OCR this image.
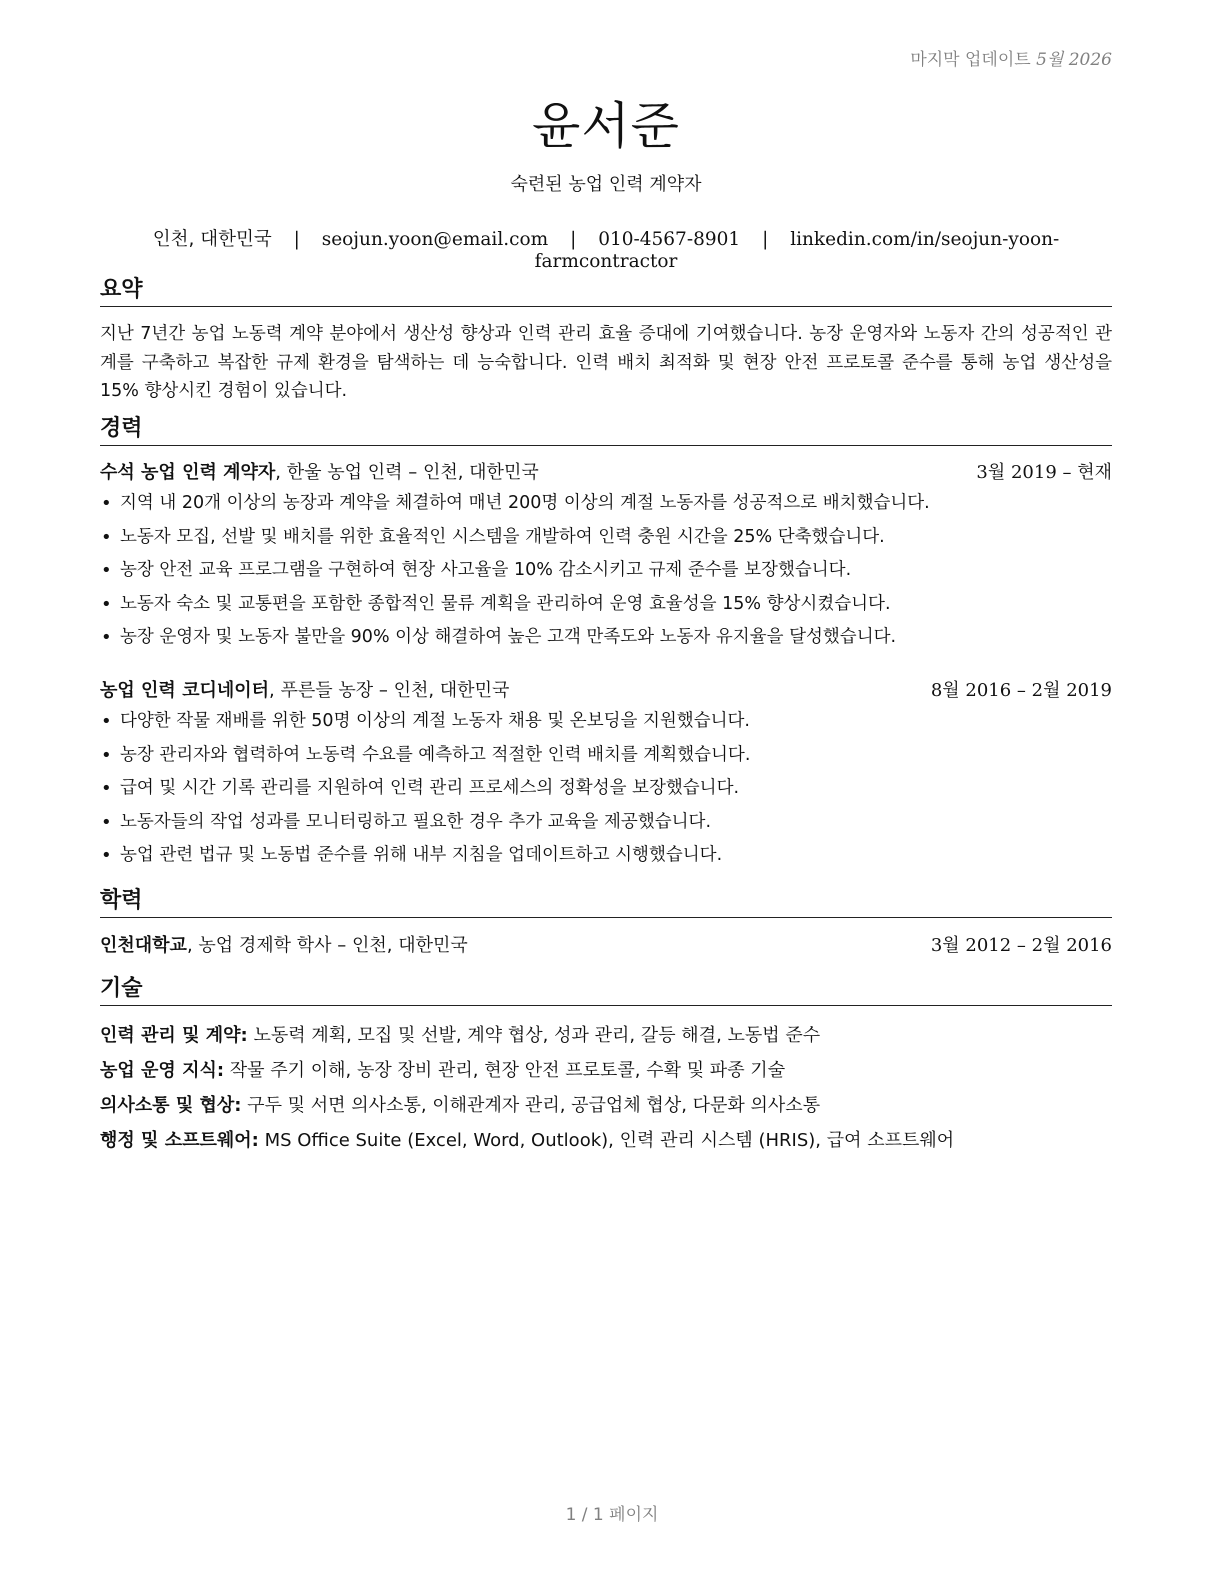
마지막 업데이트 5월 2026
윤서준
숙련된 농업 인력 계약자
인천, 대한민국 | seojun.yoon@email.com | 010-4567-8901 | linkedin.com/in/seojun-yoon-farmcontractor
요약
지난 7년간 농업 노동력 계약 분야에서 생산성 향상과 인력 관리 효율 증대에 기여했습니다. 농장 운영자와 노동자 간의 성공적인 관계를 구축하고 복잡한 규제 환경을 탐색하는 데 능숙합니다. 인력 배치 최적화 및 현장 안전 프로토콜 준수를 통해 농업 생산성을 15% 향상시킨 경험이 있습니다.
경력
수석 농업 인력 계약자, 한울 농업 인력 – 인천, 대한민국	3월 2019 – 현재
• 지역 내 20개 이상의 농장과 계약을 체결하여 매년 200명 이상의 계절 노동자를 성공적으로 배치했습니다.
• 노동자 모집, 선발 및 배치를 위한 효율적인 시스템을 개발하여 인력 충원 시간을 25% 단축했습니다.
• 농장 안전 교육 프로그램을 구현하여 현장 사고율을 10% 감소시키고 규제 준수를 보장했습니다.
• 노동자 숙소 및 교통편을 포함한 종합적인 물류 계획을 관리하여 운영 효율성을 15% 향상시켰습니다.
• 농장 운영자 및 노동자 불만을 90% 이상 해결하여 높은 고객 만족도와 노동자 유지율을 달성했습니다.
농업 인력 코디네이터, 푸른들 농장 – 인천, 대한민국	8월 2016 – 2월 2019
• 다양한 작물 재배를 위한 50명 이상의 계절 노동자 채용 및 온보딩을 지원했습니다.
• 농장 관리자와 협력하여 노동력 수요를 예측하고 적절한 인력 배치를 계획했습니다.
• 급여 및 시간 기록 관리를 지원하여 인력 관리 프로세스의 정확성을 보장했습니다.
• 노동자들의 작업 성과를 모니터링하고 필요한 경우 추가 교육을 제공했습니다.
• 농업 관련 법규 및 노동법 준수를 위해 내부 지침을 업데이트하고 시행했습니다.
학력
인천대학교, 농업 경제학 학사 – 인천, 대한민국	3월 2012 – 2월 2016
기술
인력 관리 및 계약: 노동력 계획, 모집 및 선발, 계약 협상, 성과 관리, 갈등 해결, 노동법 준수
농업 운영 지식: 작물 주기 이해, 농장 장비 관리, 현장 안전 프로토콜, 수확 및 파종 기술
의사소통 및 협상: 구두 및 서면 의사소통, 이해관계자 관리, 공급업체 협상, 다문화 의사소통
행정 및 소프트웨어: MS Office Suite (Excel, Word, Outlook), 인력 관리 시스템 (HRIS), 급여 소프트웨어
1 / 1 페이지
